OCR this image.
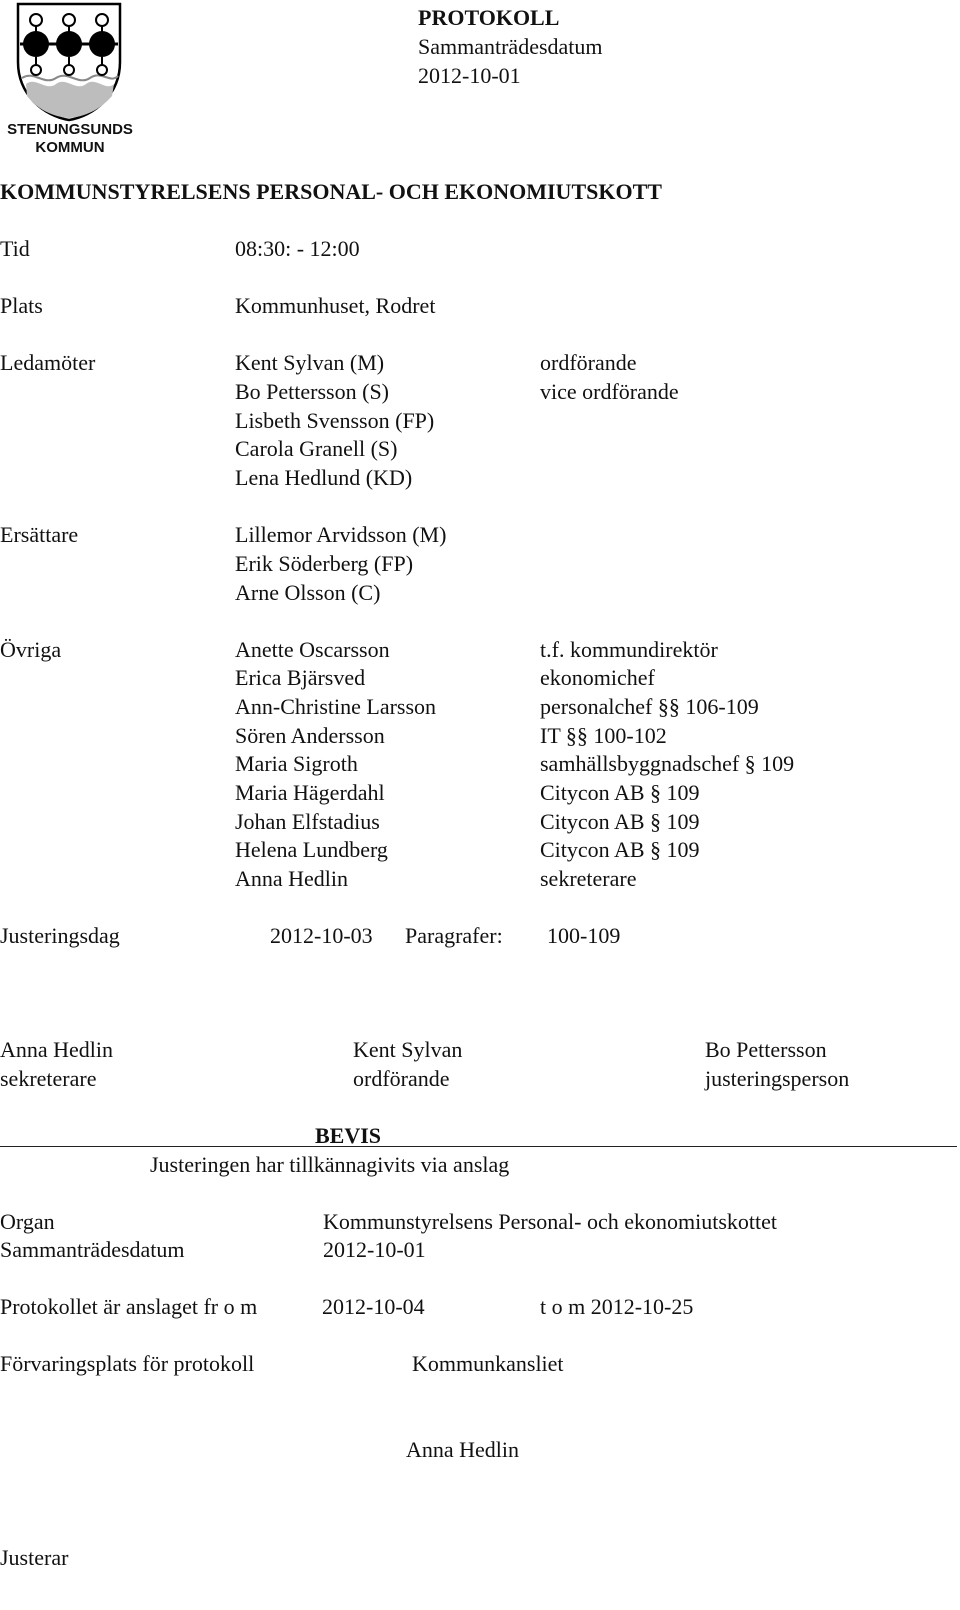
STENUNGSUNDS
KOMMUN
PROTOKOLL
Sammanträdesdatum
2012-10-01
KOMMUNSTYRELSENS PERSONAL- OCH EKONOMIUTSKOTT
Tid	08:30: - 12:00
Plats	Kommunhuset, Rodret
Ledamöter	Kent Sylvan (M)	ordförande
Bo Pettersson (S)	vice ordförande
Lisbeth Svensson (FP)
Carola Granell (S)
Lena Hedlund (KD)
Ersättare	Lillemor Arvidsson (M)
Erik Söderberg (FP)
Arne Olsson (C)
Övriga	Anette Oscarsson	t.f. kommundirektör
Erica Bjärsved	ekonomichef
Ann-Christine Larsson	personalchef §§ 106-109
Sören Andersson	IT §§ 100-102
Maria Sigroth	samhällsbyggnadschef § 109
Maria Hägerdahl	Citycon AB § 109
Johan Elfstadius	Citycon AB § 109
Helena Lundberg	Citycon AB § 109
Anna Hedlin	sekreterare
Justeringsdag	2012-10-03 Paragrafer: 100-109
Anna Hedlin
sekreterare
Kent Sylvan
ordförande
Bo Pettersson
justeringsperson
BEVIS
Justeringen har tillkännagivits via anslag
Organ	Kommunstyrelsens Personal- och ekonomiutskottet
Sammanträdesdatum	2012-10-01
Protokollet är anslaget fr o m	2012-10-04	t o m 2012-10-25
Förvaringsplats för protokoll	Kommunkansliet
Anna Hedlin
Justerar
